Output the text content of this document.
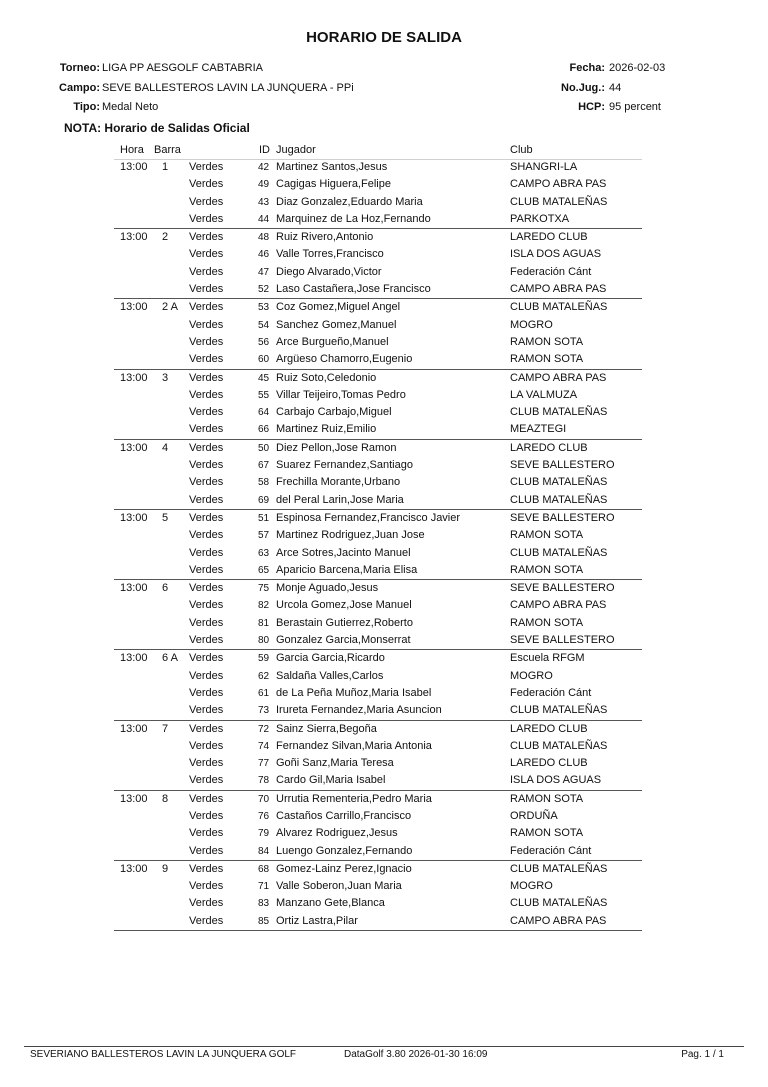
HORARIO DE SALIDA
Torneo: LIGA PP AESGOLF CABTABRIA
Campo: SEVE BALLESTEROS LAVIN LA JUNQUERA - PPi
Tipo: Medal Neto
Fecha: 2026-02-03
No.Jug.: 44
HCP: 95 percent
NOTA: Horario de Salidas Oficial
Hora Barra	ID Jugador	Club
13:00 1 Verdes	42 Martinez Santos,Jesus	SHANGRI-LA
Verdes	49 Cagigas Higuera,Felipe	CAMPO ABRA PAS
Verdes	43 Diaz Gonzalez,Eduardo Maria	CLUB MATALEÑAS
Verdes	44 Marquinez de La Hoz,Fernando	PARKOTXA
13:00 2 Verdes	48 Ruiz Rivero,Antonio	LAREDO CLUB
Verdes	46 Valle Torres,Francisco	ISLA DOS AGUAS
Verdes	47 Diego Alvarado,Victor	Federación Cánt
Verdes	52 Laso Castañera,Jose Francisco	CAMPO ABRA PAS
13:00 2 A Verdes	53 Coz Gomez,Miguel Angel	CLUB MATALEÑAS
Verdes	54 Sanchez Gomez,Manuel	MOGRO
Verdes	56 Arce Burgueño,Manuel	RAMON SOTA
Verdes	60 Argüeso Chamorro,Eugenio	RAMON SOTA
13:00 3 Verdes	45 Ruiz Soto,Celedonio	CAMPO ABRA PAS
Verdes	55 Villar Teijeiro,Tomas Pedro	LA VALMUZA
Verdes	64 Carbajo Carbajo,Miguel	CLUB MATALEÑAS
Verdes	66 Martinez Ruiz,Emilio	MEAZTEGI
13:00 4 Verdes	50 Diez Pellon,Jose Ramon	LAREDO CLUB
Verdes	67 Suarez Fernandez,Santiago	SEVE BALLESTERO
Verdes	58 Frechilla Morante,Urbano	CLUB MATALEÑAS
Verdes	69 del Peral Larin,Jose Maria	CLUB MATALEÑAS
13:00 5 Verdes	51 Espinosa Fernandez,Francisco Javier	SEVE BALLESTERO
Verdes	57 Martinez Rodriguez,Juan Jose	RAMON SOTA
Verdes	63 Arce Sotres,Jacinto Manuel	CLUB MATALEÑAS
Verdes	65 Aparicio Barcena,Maria Elisa	RAMON SOTA
13:00 6 Verdes	75 Monje Aguado,Jesus	SEVE BALLESTERO
Verdes	82 Urcola Gomez,Jose Manuel	CAMPO ABRA PAS
Verdes	81 Berastain Gutierrez,Roberto	RAMON SOTA
Verdes	80 Gonzalez Garcia,Monserrat	SEVE BALLESTERO
13:00 6 A Verdes	59 Garcia Garcia,Ricardo	Escuela RFGM
Verdes	62 Saldaña Valles,Carlos	MOGRO
Verdes	61 de La Peña Muñoz,Maria Isabel	Federación Cánt
Verdes	73 Irureta Fernandez,Maria Asuncion	CLUB MATALEÑAS
13:00 7 Verdes	72 Sainz Sierra,Begoña	LAREDO CLUB
Verdes	74 Fernandez Silvan,Maria Antonia	CLUB MATALEÑAS
Verdes	77 Goñi Sanz,Maria Teresa	LAREDO CLUB
Verdes	78 Cardo Gil,Maria Isabel	ISLA DOS AGUAS
13:00 8 Verdes	70 Urrutia Rementeria,Pedro Maria	RAMON SOTA
Verdes	76 Castaños Carrillo,Francisco	ORDUÑA
Verdes	79 Alvarez Rodriguez,Jesus	RAMON SOTA
Verdes	84 Luengo Gonzalez,Fernando	Federación Cánt
13:00 9 Verdes	68 Gomez-Lainz Perez,Ignacio	CLUB MATALEÑAS
Verdes	71 Valle Soberon,Juan Maria	MOGRO
Verdes	83 Manzano Gete,Blanca	CLUB MATALEÑAS
Verdes	85 Ortiz Lastra,Pilar	CAMPO ABRA PAS
SEVERIANO BALLESTEROS LAVIN LA JUNQUERA GOLF	DataGolf 3.80 2026-01-30 16:09	Pag. 1 / 1
